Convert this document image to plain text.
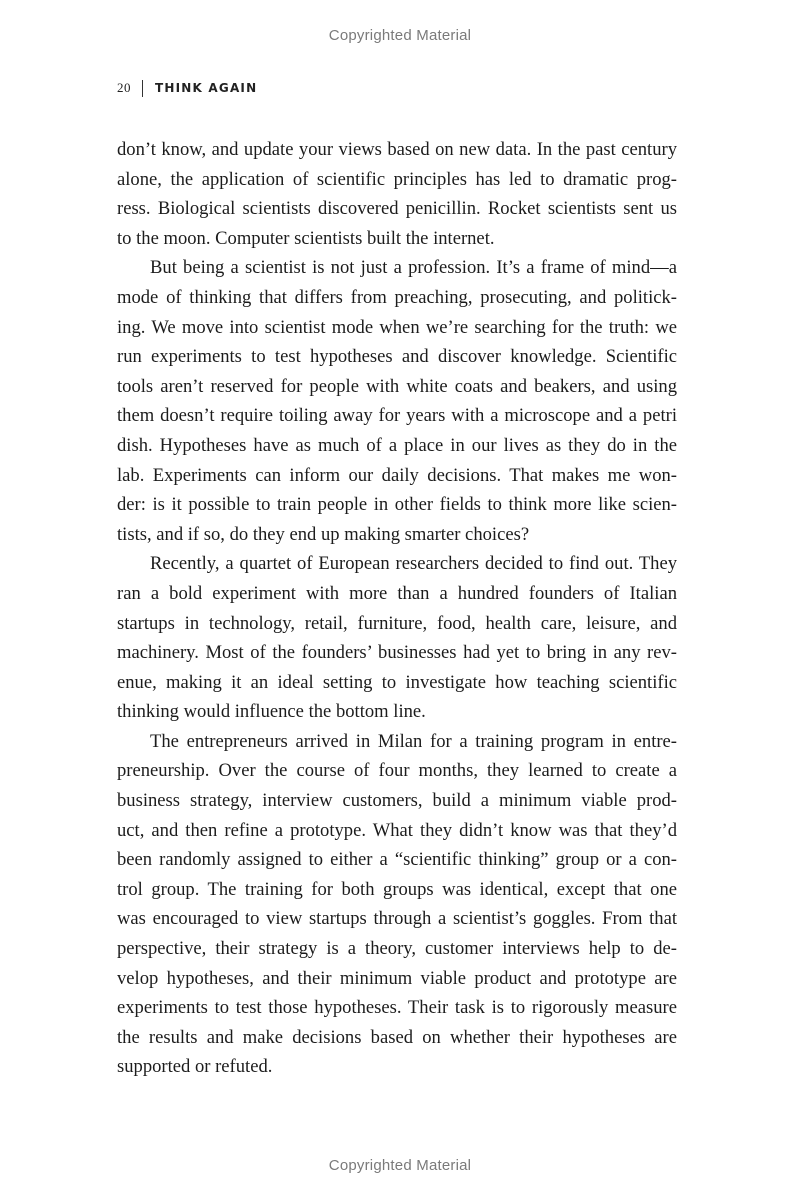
Copyrighted Material
20 THINK AGAIN
don’t know, and update your views based on new data. In the past century
alone, the application of scientific principles has led to dramatic prog-
ress. Biological scientists discovered penicillin. Rocket scientists sent us
to the moon. Computer scientists built the internet.
But being a scientist is not just a profession. It’s a frame of mind—a
mode of thinking that differs from preaching, prosecuting, and politick-
ing. We move into scientist mode when we’re searching for the truth: we
run experiments to test hypotheses and discover knowledge. Scientific
tools aren’t reserved for people with white coats and beakers, and using
them doesn’t require toiling away for years with a microscope and a petri
dish. Hypotheses have as much of a place in our lives as they do in the
lab. Experiments can inform our daily decisions. That makes me won-
der: is it possible to train people in other fields to think more like scien-
tists, and if so, do they end up making smarter choices?
Recently, a quartet of European researchers decided to find out. They
ran a bold experiment with more than a hundred founders of Italian
startups in technology, retail, furniture, food, health care, leisure, and
machinery. Most of the founders’ businesses had yet to bring in any rev-
enue, making it an ideal setting to investigate how teaching scientific
thinking would influence the bottom line.
The entrepreneurs arrived in Milan for a training program in entre-
preneurship. Over the course of four months, they learned to create a
business strategy, interview customers, build a minimum viable prod-
uct, and then refine a prototype. What they didn’t know was that they’d
been randomly assigned to either a “scientific thinking” group or a con-
trol group. The training for both groups was identical, except that one
was encouraged to view startups through a scientist’s goggles. From that
perspective, their strategy is a theory, customer interviews help to de-
velop hypotheses, and their minimum viable product and prototype are
experiments to test those hypotheses. Their task is to rigorously measure
the results and make decisions based on whether their hypotheses are
supported or refuted.
Copyrighted Material
